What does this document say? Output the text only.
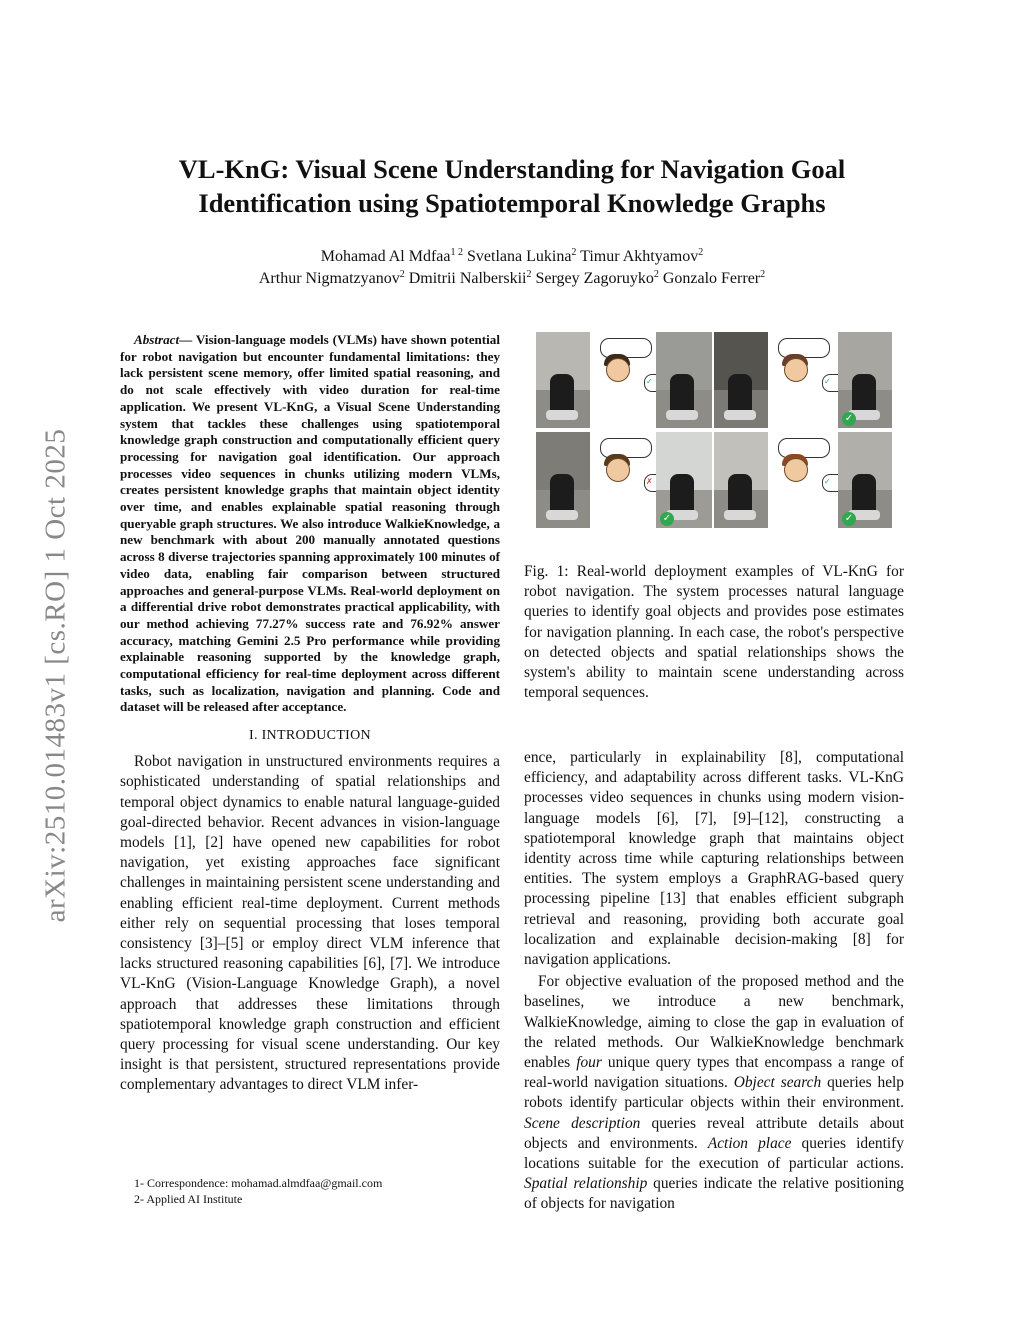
arXiv:2510.01483v1 [cs.RO] 1 Oct 2025
VL-KnG: Visual Scene Understanding for Navigation Goal Identification using Spatiotemporal Knowledge Graphs
Mohamad Al Mdfaa$^{1 2}$ Svetlana Lukina$^2$ Timur Akhtyamov$^2$
Arthur Nigmatzyanov$^2$ Dmitrii Nalberskii$^2$ Sergey Zagoruyko$^2$ Gonzalo Ferrer$^2$

Abstract— Vision-language models (VLMs) have shown potential for robot navigation but encounter fundamental limitations: they lack persistent scene memory, offer limited spatial reasoning, and do not scale effectively with video duration for real-time application. We present VL-KnG, a Visual Scene Understanding system that tackles these challenges using spatiotemporal knowledge graph construction and computationally efficient query processing for navigation goal identification. Our approach processes video sequences in chunks utilizing modern VLMs, creates persistent knowledge graphs that maintain object identity over time, and enables explainable spatial reasoning through queryable graph structures. We also introduce WalkieKnowledge, a new benchmark with about 200 manually annotated questions across 8 diverse trajectories spanning approximately 100 minutes of video data, enabling fair comparison between structured approaches and general-purpose VLMs. Real-world deployment on a differential drive robot demonstrates practical applicability, with our method achieving 77.27% success rate and 76.92% answer accuracy, matching Gemini 2.5 Pro performance while providing explainable reasoning supported by the knowledge graph, computational efficiency for real-time deployment across different tasks, such as localization, navigation and planning. Code and dataset will be released after acceptance.

I. INTRODUCTION

Robot navigation in unstructured environments requires a sophisticated understanding of spatial relationships and temporal object dynamics to enable natural language-guided goal-directed behavior. Recent advances in vision-language models [1], [2] have opened new capabilities for robot navigation, yet existing approaches face significant challenges in maintaining persistent scene understanding and enabling efficient real-time deployment. Current methods either rely on sequential processing that loses temporal consistency [3]–[5] or employ direct VLM inference that lacks structured reasoning capabilities [6], [7]. We introduce VL-KnG (Vision-Language Knowledge Graph), a novel approach that addresses these limitations through spatiotemporal knowledge graph construction and efficient query processing for visual scene understanding. Our key insight is that persistent, structured representations provide complementary advantages to direct VLM infer-

1- Correspondence: mohamad.almdfaa@gmail.com
2- Applied AI Institute
✓	✓
✓
✗
✓
✓
✓

Fig. 1: Real-world deployment examples of VL-KnG for robot navigation. The system processes natural language queries to identify goal objects and provides pose estimates for navigation planning. In each case, the robot's perspective on detected objects and spatial relationships shows the system's ability to maintain scene understanding across temporal sequences.

ence, particularly in explainability [8], computational efficiency, and adaptability across different tasks. VL-KnG processes video sequences in chunks using modern vision-language models [6], [7], [9]–[12], constructing a spatiotemporal knowledge graph that maintains object identity across time while capturing relationships between entities. The system employs a GraphRAG-based query processing pipeline [13] that enables efficient subgraph retrieval and reasoning, providing both accurate goal localization and explainable decision-making [8] for navigation applications.

For objective evaluation of the proposed method and the baselines, we introduce a new benchmark, WalkieKnowledge, aiming to close the gap in evaluation of the related methods. Our WalkieKnowledge benchmark enables four unique query types that encompass a range of real-world navigation situations. Object search queries help robots identify particular objects within their environment. Scene description queries reveal attribute details about objects and environments. Action place queries identify locations suitable for the execution of particular actions. Spatial relationship queries indicate the relative positioning of objects for navigation
